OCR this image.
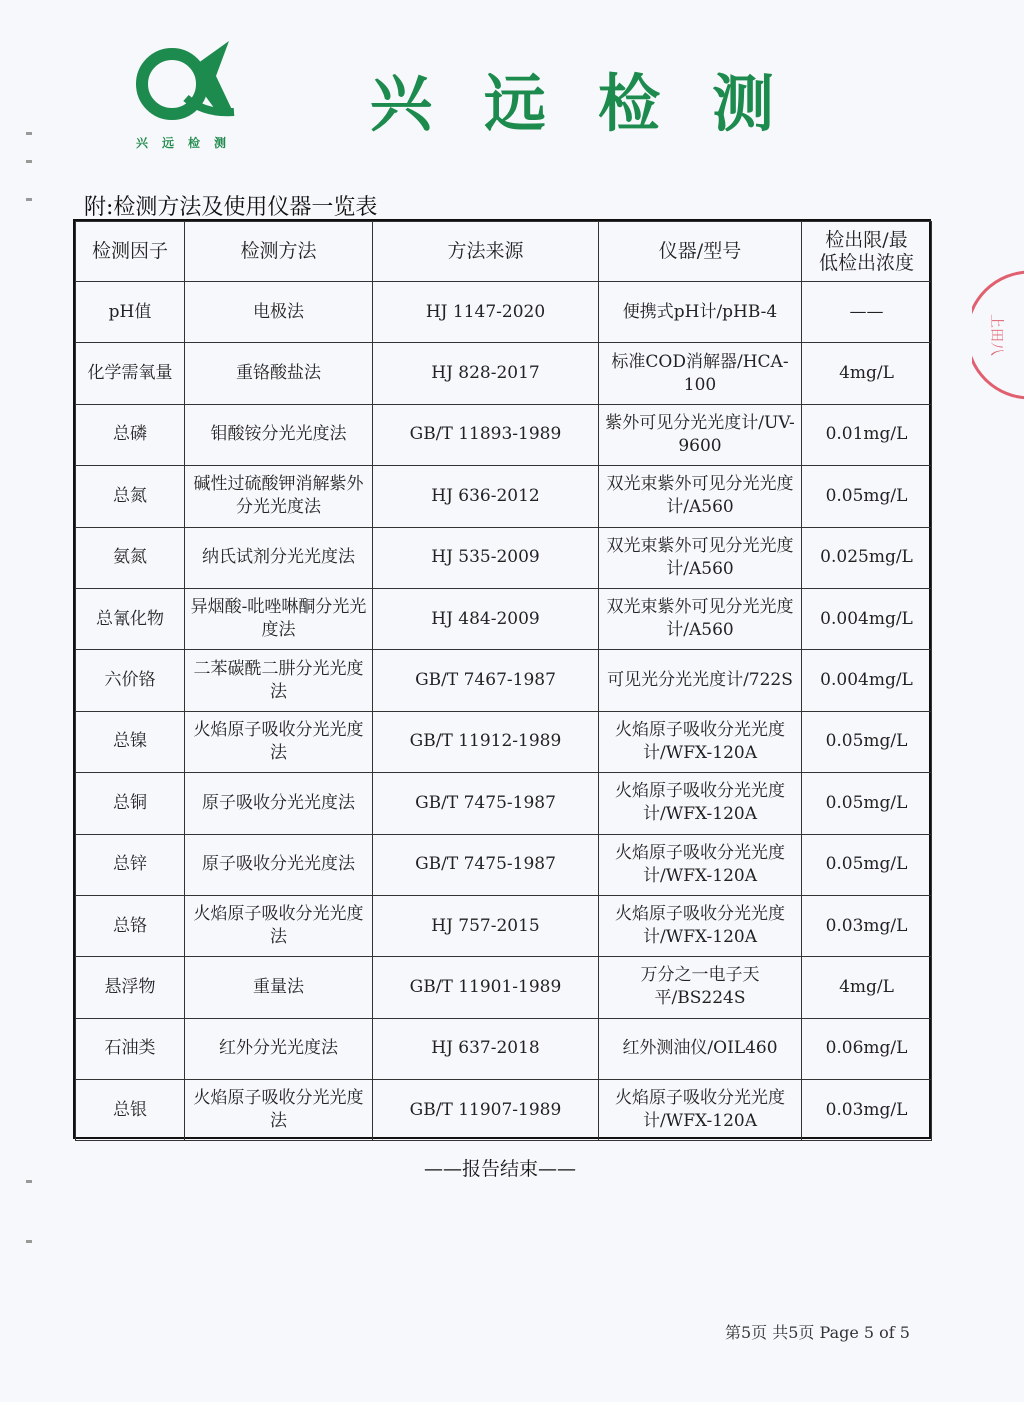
兴远检测
兴远检测
上田八
附:检测方法及使用仪器一览表
检测因子	检测方法	方法来源	仪器/型号	检出限/最低检出浓度
pH值	电极法	HJ 1147-2020	便携式pH计/pHB-4	——
化学需氧量	重铬酸盐法	HJ 828-2017	标准COD消解器/HCA-100	4mg/L
总磷	钼酸铵分光光度法	GB/T 11893-1989	紫外可见分光光度计/UV-9600	0.01mg/L
总氮	碱性过硫酸钾消解紫外分光光度法	HJ 636-2012	双光束紫外可见分光光度计/A560	0.05mg/L
氨氮	纳氏试剂分光光度法	HJ 535-2009	双光束紫外可见分光光度计/A560	0.025mg/L
总氰化物	异烟酸-吡唑啉酮分光光度法	HJ 484-2009	双光束紫外可见分光光度计/A560	0.004mg/L
六价铬	二苯碳酰二肼分光光度法	GB/T 7467-1987	可见光分光光度计/722S	0.004mg/L
总镍	火焰原子吸收分光光度法	GB/T 11912-1989	火焰原子吸收分光光度计/WFX-120A	0.05mg/L
总铜	原子吸收分光光度法	GB/T 7475-1987	火焰原子吸收分光光度计/WFX-120A	0.05mg/L
总锌	原子吸收分光光度法	GB/T 7475-1987	火焰原子吸收分光光度计/WFX-120A	0.05mg/L
总铬	火焰原子吸收分光光度法	HJ 757-2015	火焰原子吸收分光光度计/WFX-120A	0.03mg/L
悬浮物	重量法	GB/T 11901-1989	万分之一电子天平/BS224S	4mg/L
石油类	红外分光光度法	HJ 637-2018	红外测油仪/OIL460	0.06mg/L
总银	火焰原子吸收分光光度法	GB/T 11907-1989	火焰原子吸收分光光度计/WFX-120A	0.03mg/L
——报告结束——
第5页 共5页 Page 5 of 5
